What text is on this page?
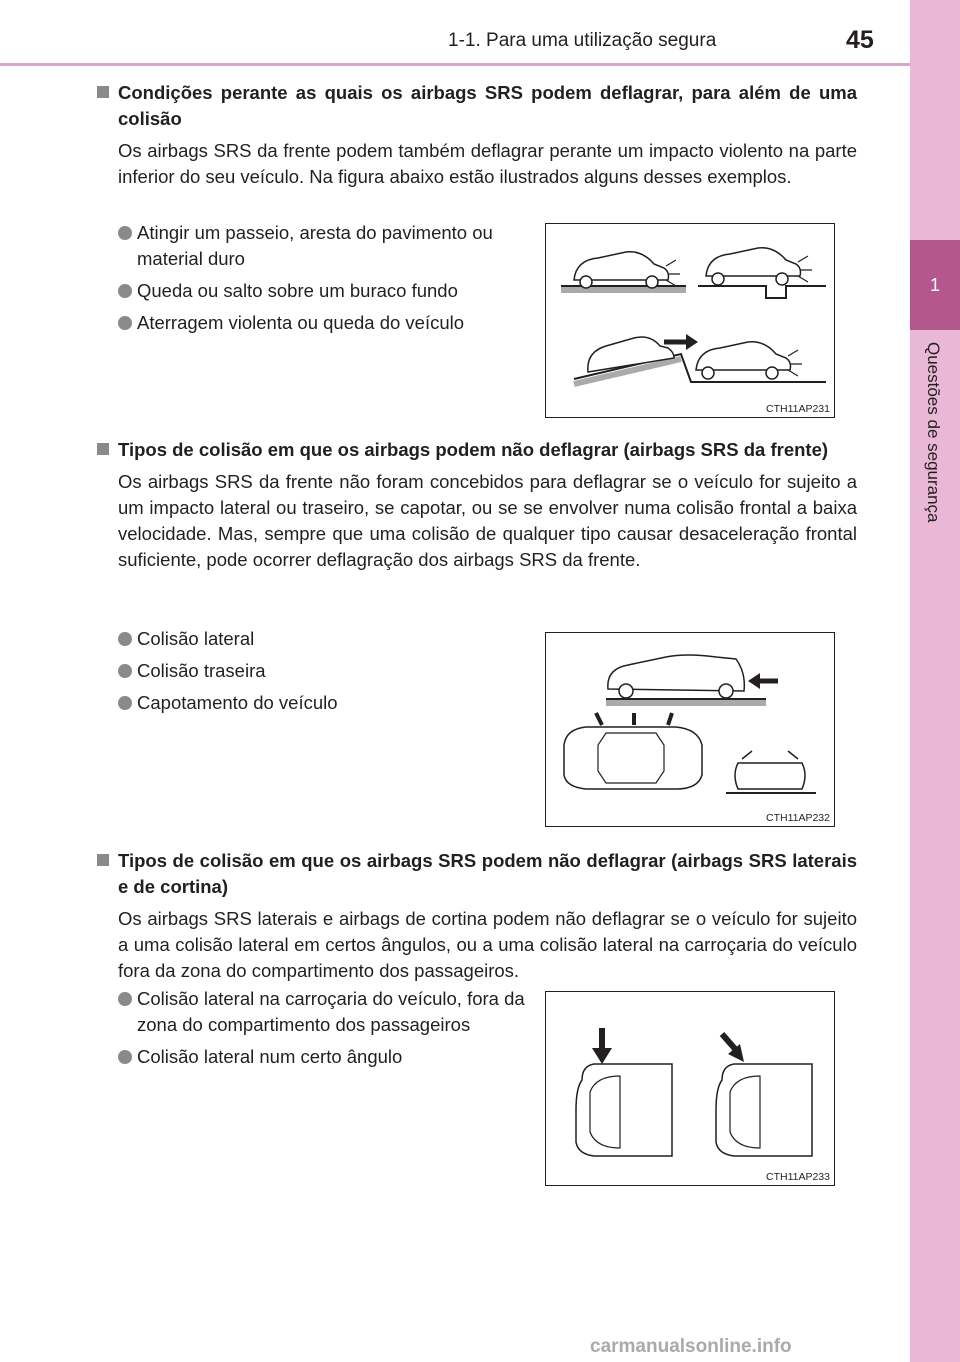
1-1. Para uma utilização segura	45
1
Questões de segurança
Condições perante as quais os airbags SRS podem deflagrar, para além de uma colisão
Os airbags SRS da frente podem também deflagrar perante um impacto violento na parte inferior do seu veículo. Na figura abaixo estão ilustrados alguns desses exemplos.
Atingir um passeio, aresta do pavimento ou material duro
Queda ou salto sobre um buraco fundo
Aterragem violenta ou queda do veículo
CTH11AP231
Tipos de colisão em que os airbags podem não deflagrar (airbags SRS da frente)
Os airbags SRS da frente não foram concebidos para deflagrar se o veículo for sujeito a um impacto lateral ou traseiro, se capotar, ou se se envolver numa colisão frontal a baixa velocidade. Mas, sempre que uma colisão de qualquer tipo causar desaceleração frontal suficiente, pode ocorrer deflagração dos airbags SRS da frente.
Colisão lateral
Colisão traseira
Capotamento do veículo
CTH11AP232
Tipos de colisão em que os airbags SRS podem não deflagrar (airbags SRS laterais e de cortina)
Os airbags SRS laterais e airbags de cortina podem não deflagrar se o veículo for sujeito a uma colisão lateral em certos ângulos, ou a uma colisão lateral na carroçaria do veículo fora da zona do compartimento dos passageiros.
Colisão lateral na carroçaria do veículo, fora da zona do compartimento dos passageiros
Colisão lateral num certo ângulo
CTH11AP233
carmanualsonline.info
